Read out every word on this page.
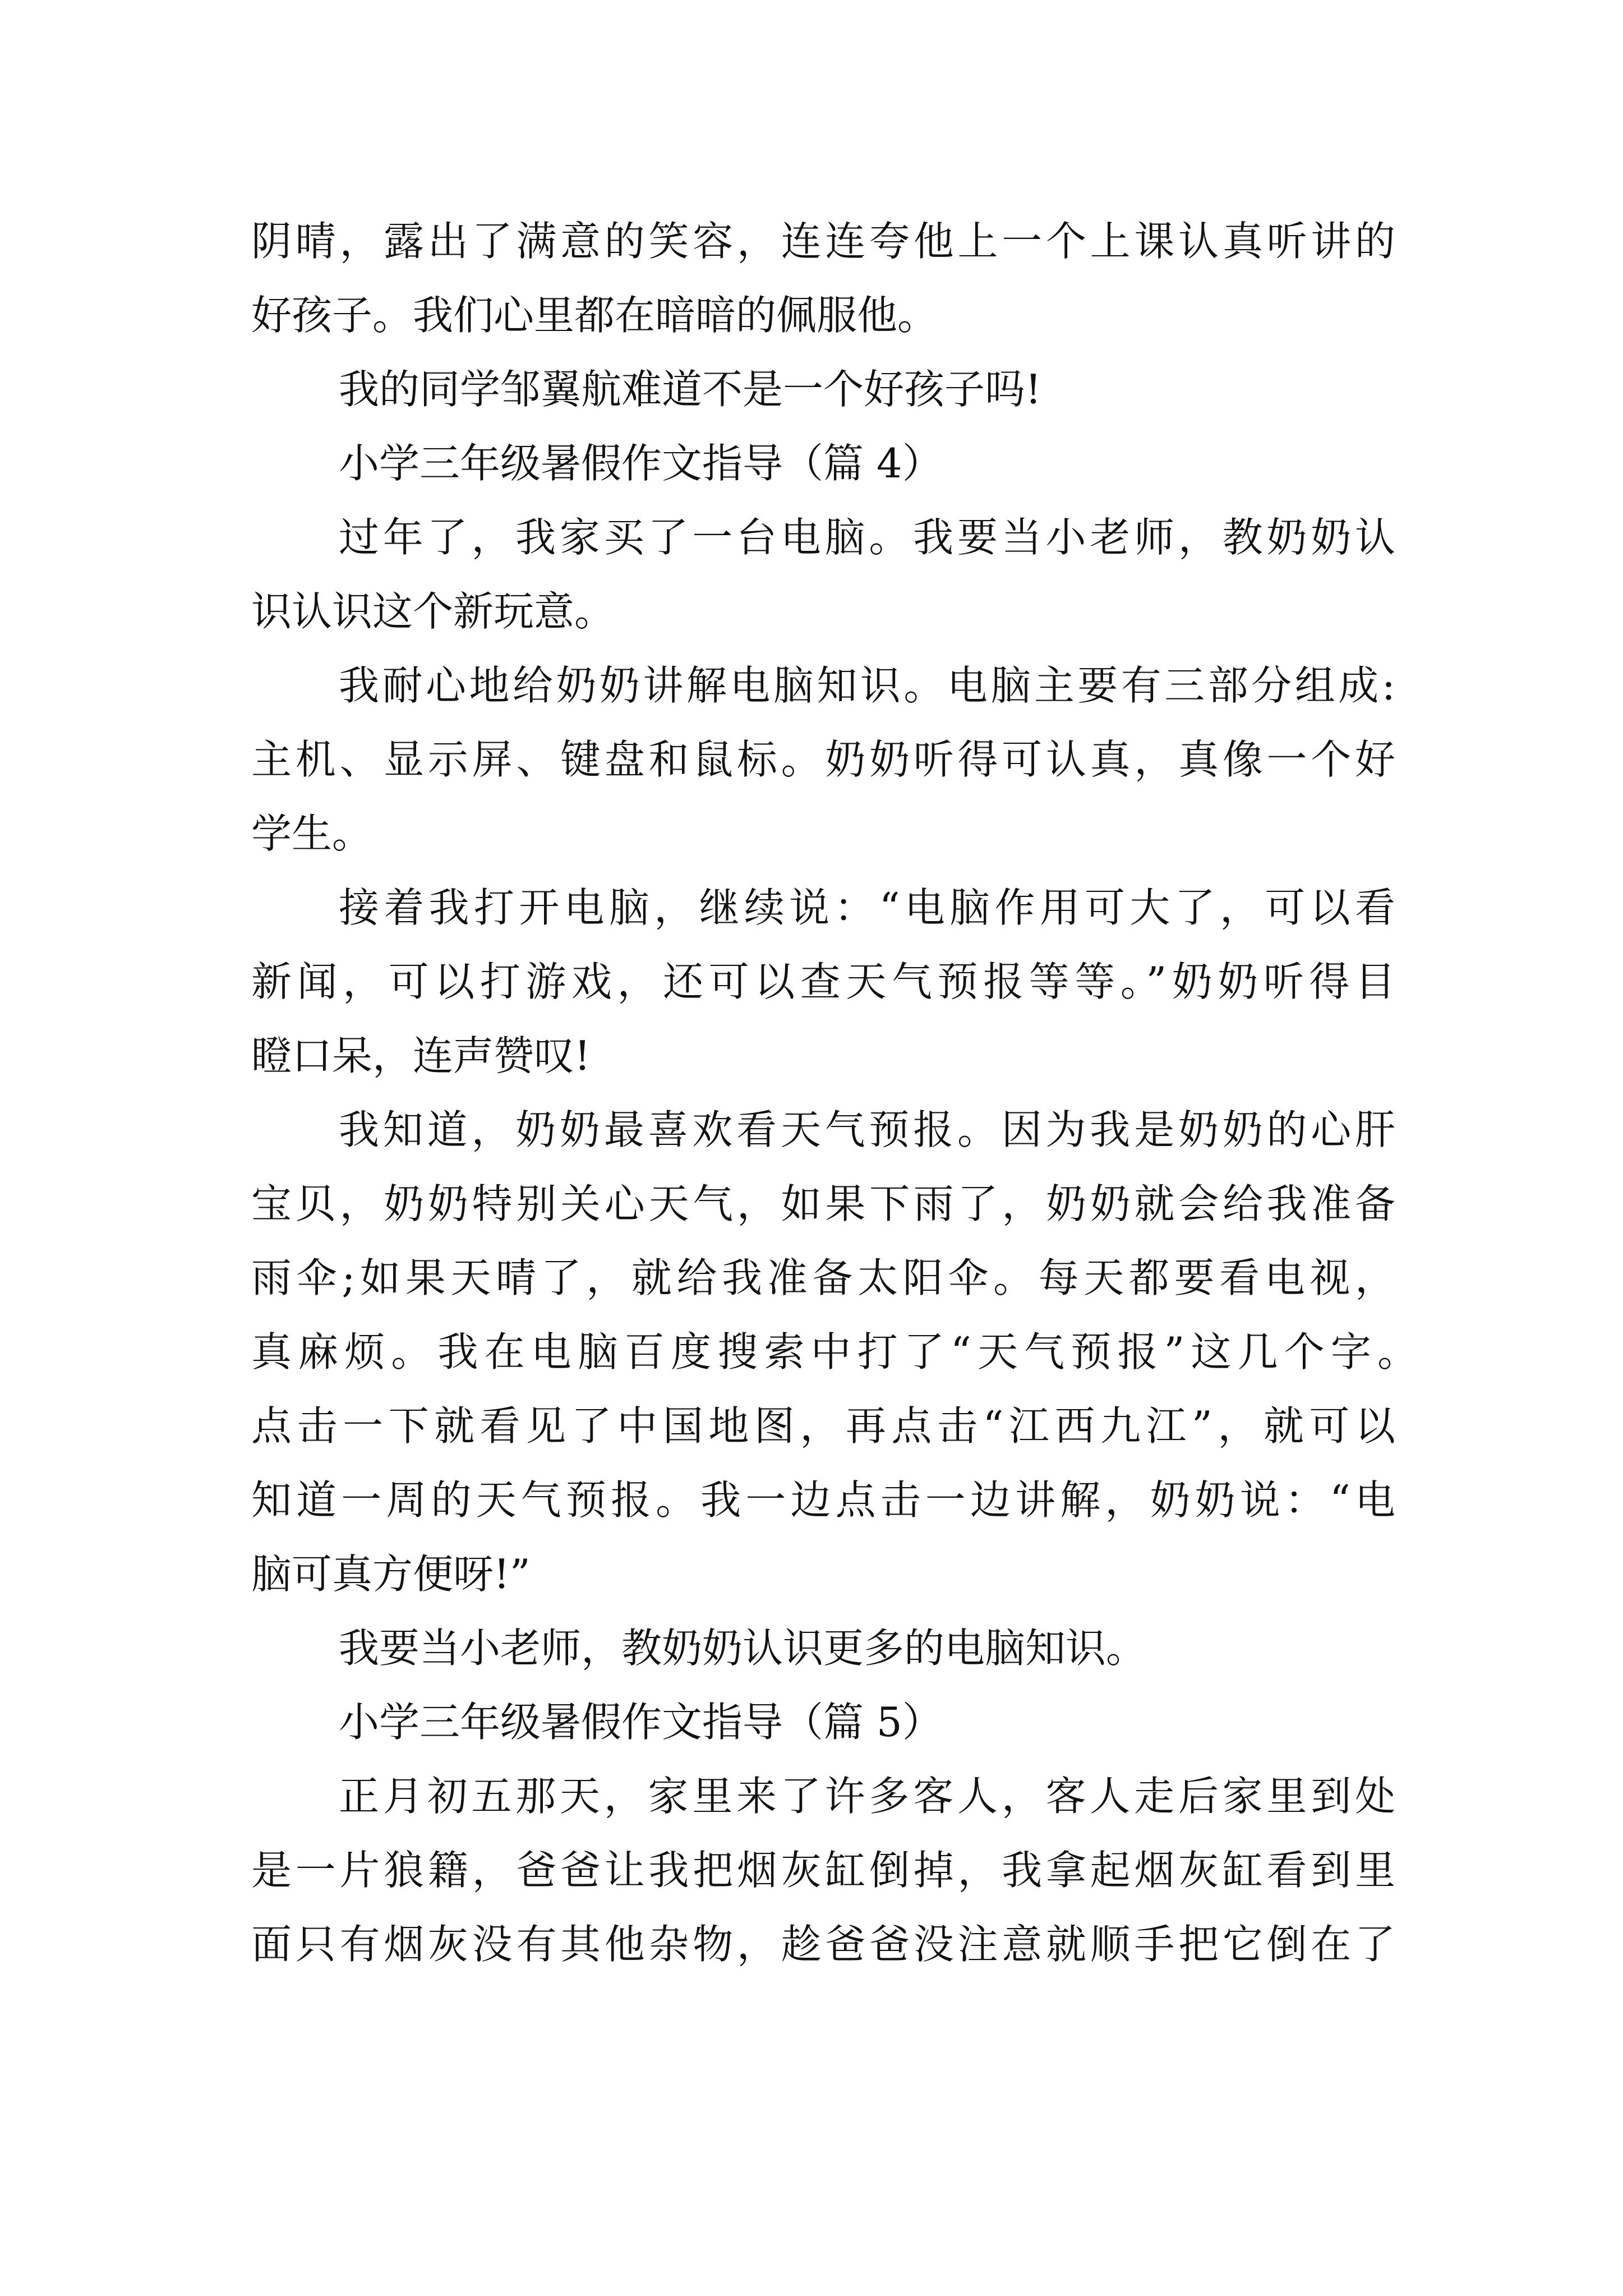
阴晴，露出了满意的笑容，连连夸他上一个上课认真听讲的
好孩子。我们心里都在暗暗的佩服他。
我的同学邹翼航难道不是一个好孩子吗!
小学三年级暑假作文指导（篇 4）
过年了，我家买了一台电脑。我要当小老师，教奶奶认
识认识这个新玩意。
我耐心地给奶奶讲解电脑知识。电脑主要有三部分组成:
主机、显示屏、键盘和鼠标。奶奶听得可认真，真像一个好
学生。
接着我打开电脑，继续说：“电脑作用可大了，可以看
新闻，可以打游戏，还可以查天气预报等等。”奶奶听得目
瞪口呆，连声赞叹!
我知道，奶奶最喜欢看天气预报。因为我是奶奶的心肝
宝贝，奶奶特别关心天气，如果下雨了，奶奶就会给我准备
雨伞;如果天晴了，就给我准备太阳伞。每天都要看电视，
真麻烦。我在电脑百度搜索中打了“天气预报”这几个字。
点击一下就看见了中国地图，再点击“江西九江”，就可以
知道一周的天气预报。我一边点击一边讲解，奶奶说：“电
脑可真方便呀!”
我要当小老师，教奶奶认识更多的电脑知识。
小学三年级暑假作文指导（篇 5）
正月初五那天，家里来了许多客人，客人走后家里到处
是一片狼籍，爸爸让我把烟灰缸倒掉，我拿起烟灰缸看到里
面只有烟灰没有其他杂物，趁爸爸没注意就顺手把它倒在了
